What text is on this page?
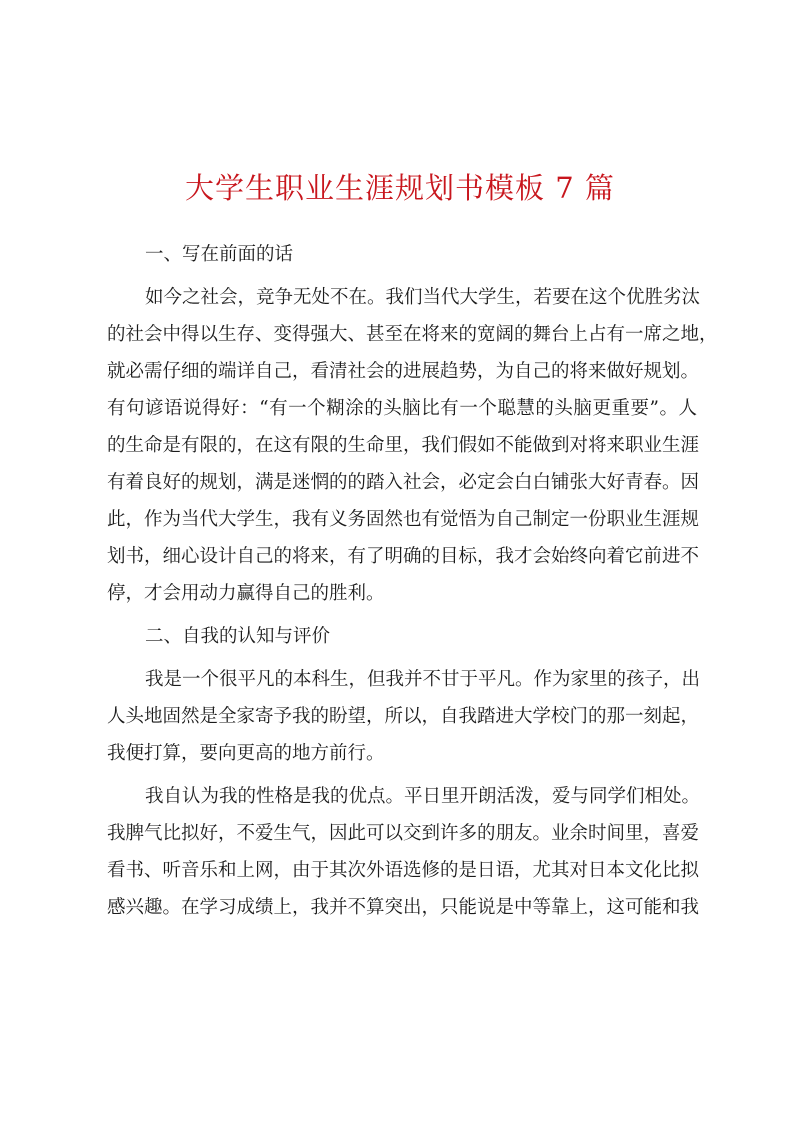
大学生职业生涯规划书模板 7 篇

一、写在前面的话

如今之社会，竞争无处不在。我们当代大学生，若要在这个优胜劣汰
的社会中得以生存、变得强大、甚至在将来的宽阔的舞台上占有一席之地，
就必需仔细的端详自己，看清社会的进展趋势，为自己的将来做好规划。
有句谚语说得好：“有一个糊涂的头脑比有一个聪慧的头脑更重要”。人
的生命是有限的，在这有限的生命里，我们假如不能做到对将来职业生涯
有着良好的规划，满是迷惘的的踏入社会，必定会白白铺张大好青春。因
此，作为当代大学生，我有义务固然也有觉悟为自己制定一份职业生涯规
划书，细心设计自己的将来，有了明确的目标，我才会始终向着它前进不
停，才会用动力赢得自己的胜利。

二、自我的认知与评价

我是一个很平凡的本科生，但我并不甘于平凡。作为家里的孩子，出
人头地固然是全家寄予我的盼望，所以，自我踏进大学校门的那一刻起，
我便打算，要向更高的地方前行。

我自认为我的性格是我的优点。平日里开朗活泼，爱与同学们相处。
我脾气比拟好，不爱生气，因此可以交到许多的朋友。业余时间里，喜爱
看书、听音乐和上网，由于其次外语选修的是日语，尤其对日本文化比拟
感兴趣。在学习成绩上，我并不算突出，只能说是中等靠上，这可能和我
